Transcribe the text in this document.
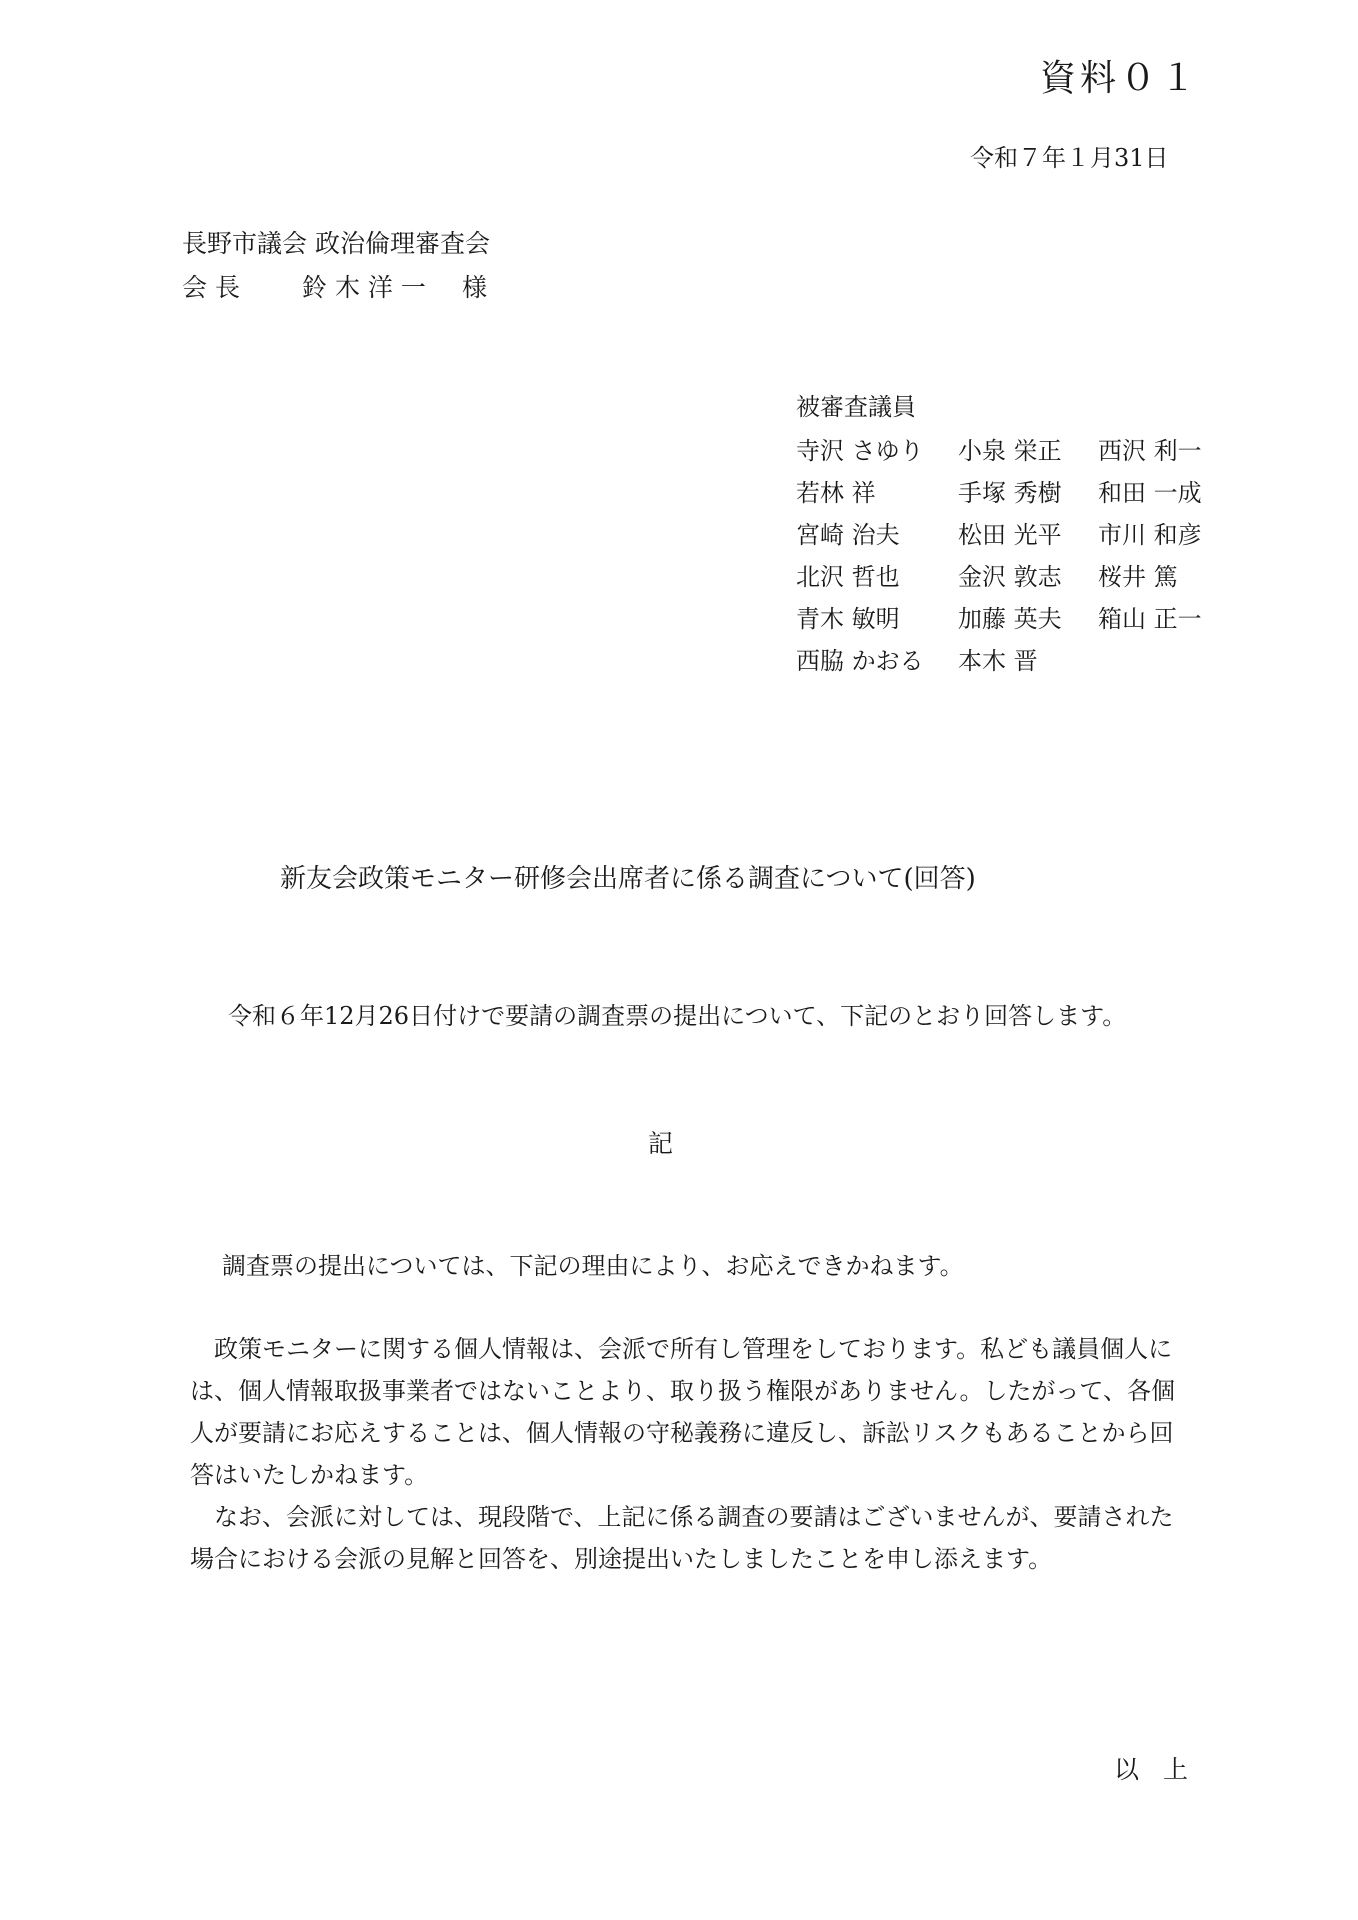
資料０１
令和７年１月31日
長野市議会 政治倫理審査会
会 長 鈴 木 洋 一 様
被審査議員
寺沢 さゆり	小泉 栄正	西沢 利一
若林 祥	手塚 秀樹	和田 一成
宮崎 治夫	松田 光平	市川 和彦
北沢 哲也	金沢 敦志	桜井 篤
青木 敏明	加藤 英夫	箱山 正一
西脇 かおる	本木 晋	
新友会政策モニター研修会出席者に係る調査について(回答)
令和６年12月26日付けで要請の調査票の提出について、下記のとおり回答します。
記
調査票の提出については、下記の理由により、お応えできかねます。

　政策モニターに関する個人情報は、会派で所有し管理をしております。私ども議員個人には、個人情報取扱事業者ではないことより、取り扱う権限がありません。したがって、各個人が要請にお応えすることは、個人情報の守秘義務に違反し、訴訟リスクもあることから回答はいたしかねます。

　なお、会派に対しては、現段階で、上記に係る調査の要請はございませんが、要請された場合における会派の見解と回答を、別途提出いたしましたことを申し添えます。

以 上
